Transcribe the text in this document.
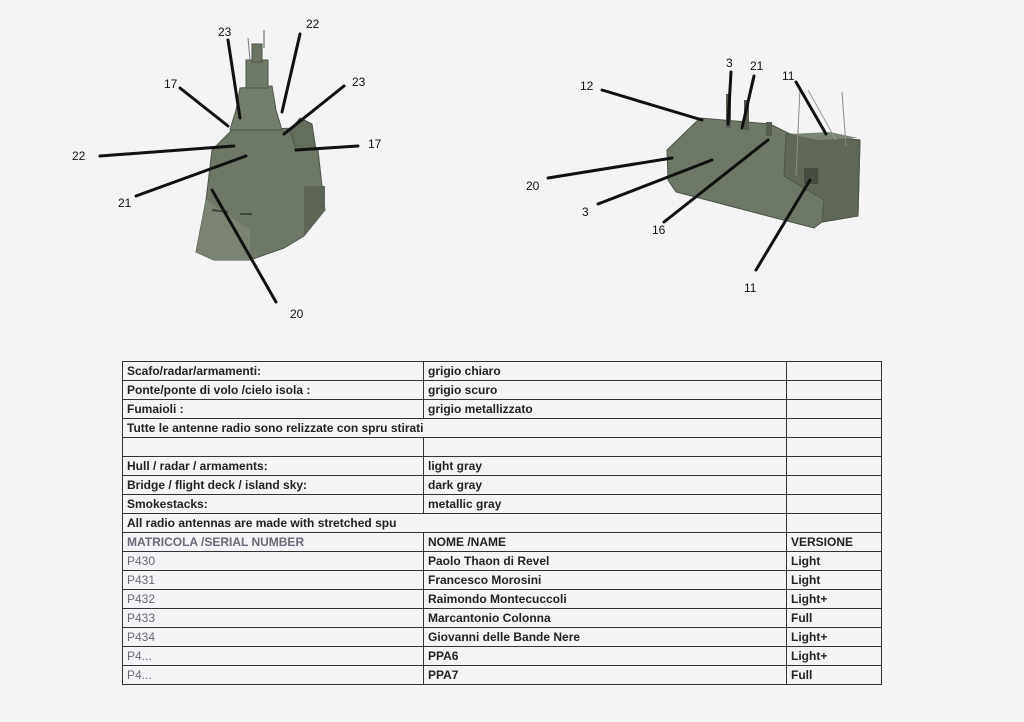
23
22
17	23
22
17
21
20
12
3 21
11
20
3
16
11
Scafo/radar/armamenti:	grigio chiaro	
Ponte/ponte di volo /cielo isola :	grigio scuro	
Fumaioli :	grigio metallizzato	
Tutte le antenne radio sono relizzate con spru stirati		

Hull / radar / armaments:	light gray	
Bridge / flight deck / island sky:	dark gray	
Smokestacks:	metallic gray	
All radio antennas are made with stretched spu		
MATRICOLA /SERIAL NUMBER	NOME /NAME	VERSIONE
P430	Paolo Thaon di Revel	Light
P431	Francesco Morosini	Light
P432	Raimondo Montecuccoli	Light+
P433	Marcantonio Colonna	Full
P434	Giovanni delle Bande Nere	Light+
P4...	PPA6	Light+
P4...	PPA7	Full
